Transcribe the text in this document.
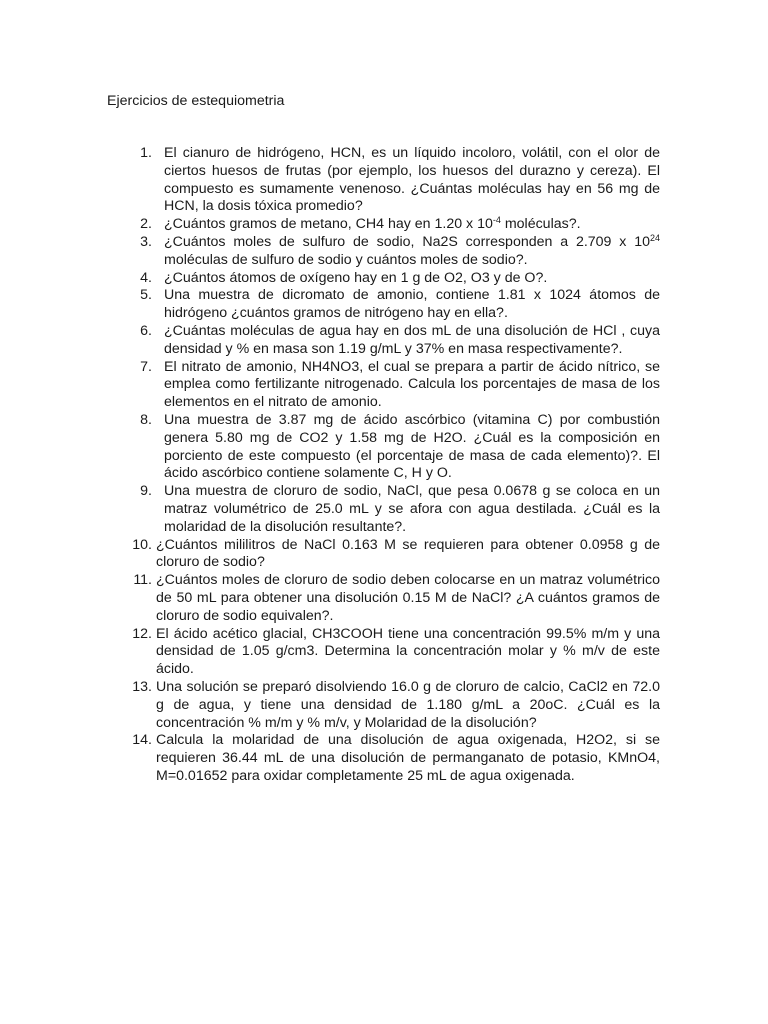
Ejercicios de estequiometria
1. El cianuro de hidrógeno, HCN, es un líquido incoloro, volátil, con el olor de ciertos huesos de frutas (por ejemplo, los huesos del durazno y cereza). El compuesto es sumamente venenoso. ¿Cuántas moléculas hay en 56 mg de HCN, la dosis tóxica promedio?
2. ¿Cuántos gramos de metano, CH4 hay en 1.20 x $10^{-4}$ moléculas?.
3. ¿Cuántos moles de sulfuro de sodio, Na2S corresponden a 2.709 x $10^{24}$ moléculas de sulfuro de sodio y cuántos moles de sodio?.
4. ¿Cuántos átomos de oxígeno hay en 1 g de O2, O3 y de O?.
5. Una muestra de dicromato de amonio, contiene 1.81 x 1024 átomos de hidrógeno ¿cuántos gramos de nitrógeno hay en ella?.
6. ¿Cuántas moléculas de agua hay en dos mL de una disolución de HCl , cuya densidad y % en masa son 1.19 g/mL y 37% en masa respectivamente?.
7. El nitrato de amonio, NH4NO3, el cual se prepara a partir de ácido nítrico, se emplea como fertilizante nitrogenado. Calcula los porcentajes de masa de los elementos en el nitrato de amonio.
8. Una muestra de 3.87 mg de ácido ascórbico (vitamina C) por combustión genera 5.80 mg de CO2 y 1.58 mg de H2O. ¿Cuál es la composición en porciento de este compuesto (el porcentaje de masa de cada elemento)?. El ácido ascórbico contiene solamente C, H y O.
9. Una muestra de cloruro de sodio, NaCl, que pesa 0.0678 g se coloca en un matraz volumétrico de 25.0 mL y se afora con agua destilada. ¿Cuál es la molaridad de la disolución resultante?.
10. ¿Cuántos mililitros de NaCl 0.163 M se requieren para obtener 0.0958 g de cloruro de sodio?
11. ¿Cuántos moles de cloruro de sodio deben colocarse en un matraz volumétrico de 50 mL para obtener una disolución 0.15 M de NaCl? ¿A cuántos gramos de cloruro de sodio equivalen?.
12. El ácido acético glacial, CH3COOH tiene una concentración 99.5% m/m y una densidad de 1.05 g/cm3. Determina la concentración molar y % m/v de este ácido.
13. Una solución se preparó disolviendo 16.0 g de cloruro de calcio, CaCl2 en 72.0 g de agua, y tiene una densidad de 1.180 g/mL a 20oC. ¿Cuál es la concentración % m/m y % m/v, y Molaridad de la disolución?
14. Calcula la molaridad de una disolución de agua oxigenada, H2O2, si se requieren 36.44 mL de una disolución de permanganato de potasio, KMnO4, M=0.01652 para oxidar completamente 25 mL de agua oxigenada.
